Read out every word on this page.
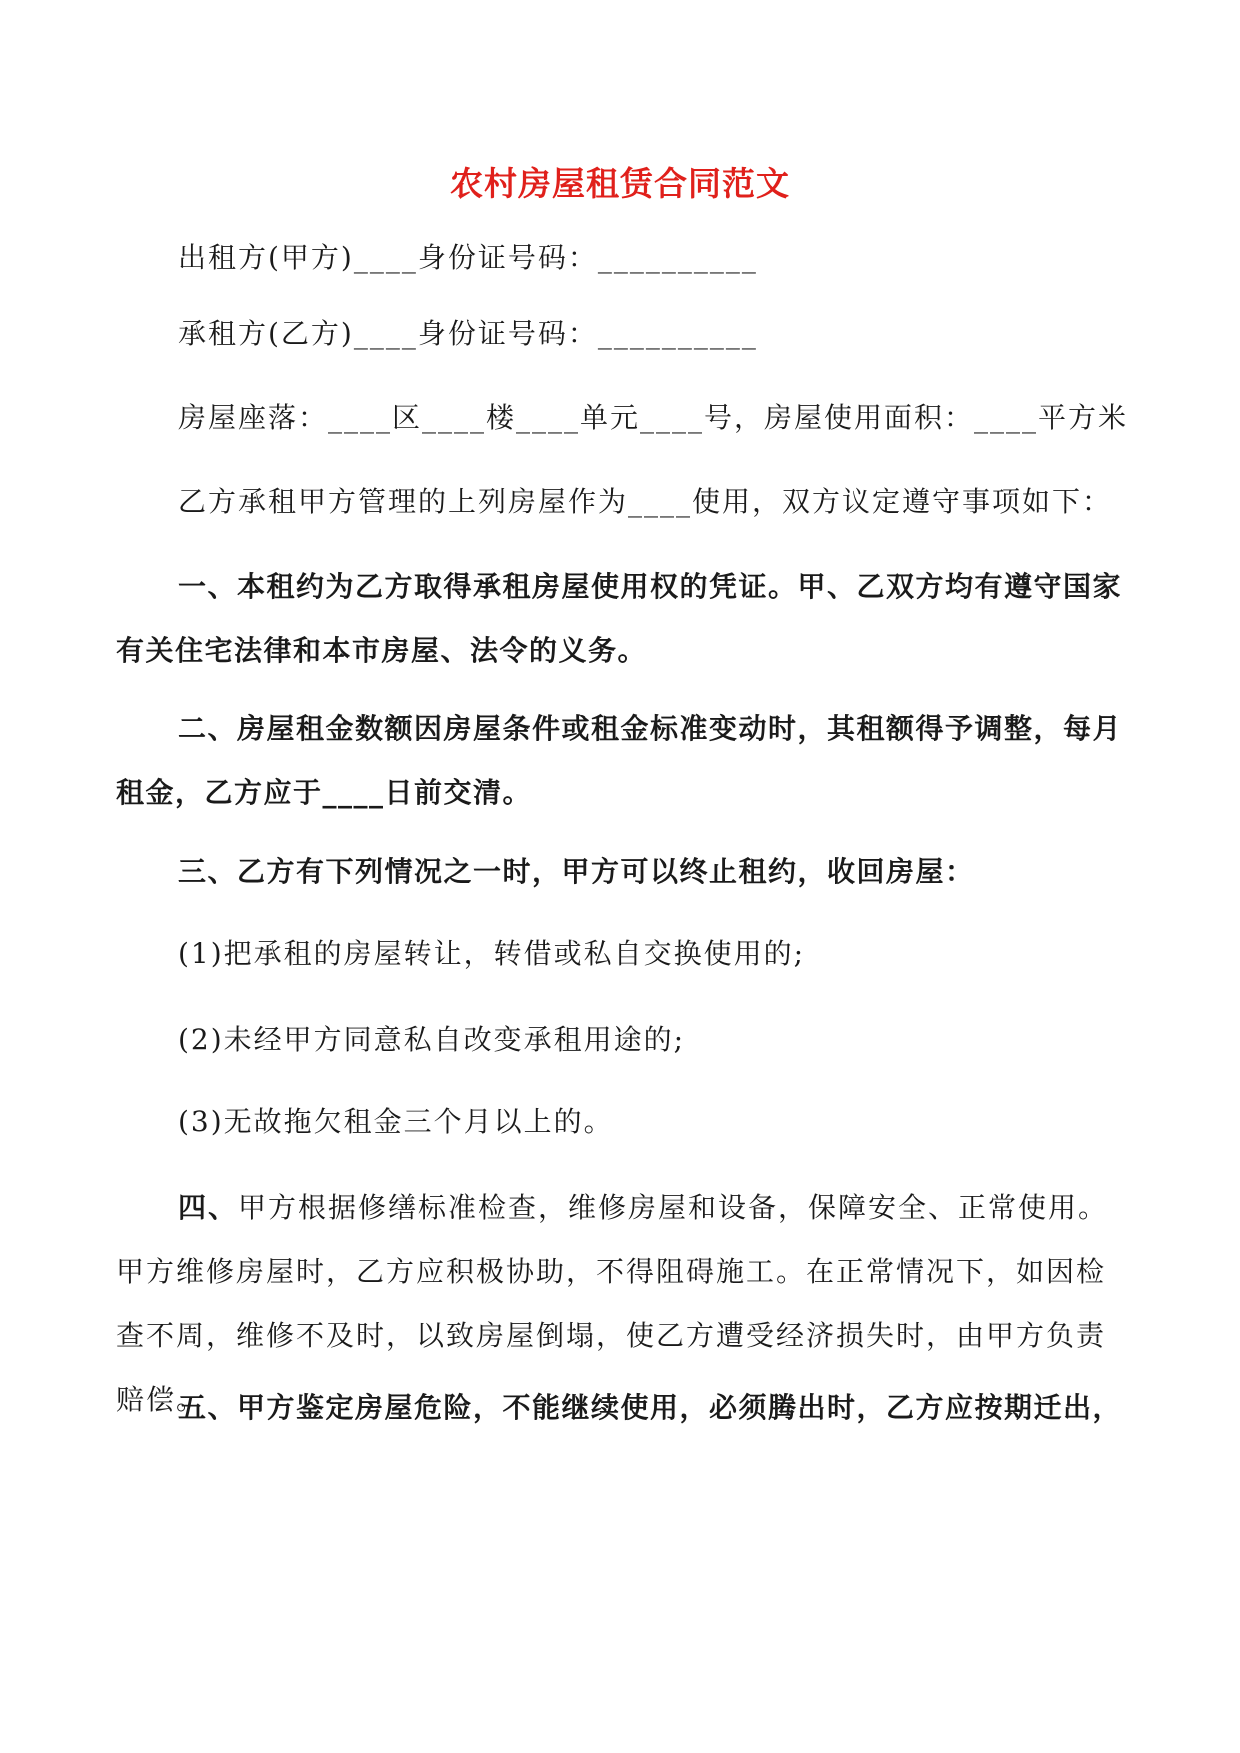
农村房屋租赁合同范文

出租方(甲方)____身份证号码：__________

承租方(乙方)____身份证号码：__________

房屋座落：____区____楼____单元____号，房屋使用面积：____平方米

乙方承租甲方管理的上列房屋作为____使用，双方议定遵守事项如下：

一、本租约为乙方取得承租房屋使用权的凭证。甲、乙双方均有遵守国家有关住宅法律和本市房屋、法令的义务。

二、房屋租金数额因房屋条件或租金标准变动时，其租额得予调整，每月租金，乙方应于____日前交清。

三、乙方有下列情况之一时，甲方可以终止租约，收回房屋：

(1)把承租的房屋转让，转借或私自交换使用的;

(2)未经甲方同意私自改变承租用途的;

(3)无故拖欠租金三个月以上的。

四、甲方根据修缮标准检查，维修房屋和设备，保障安全、正常使用。甲方维修房屋时，乙方应积极协助，不得阻碍施工。在正常情况下，如因检查不周，维修不及时，以致房屋倒塌，使乙方遭受经济损失时，由甲方负责赔偿。

五、甲方鉴定房屋危险，不能继续使用，必须腾出时，乙方应按期迁出，
